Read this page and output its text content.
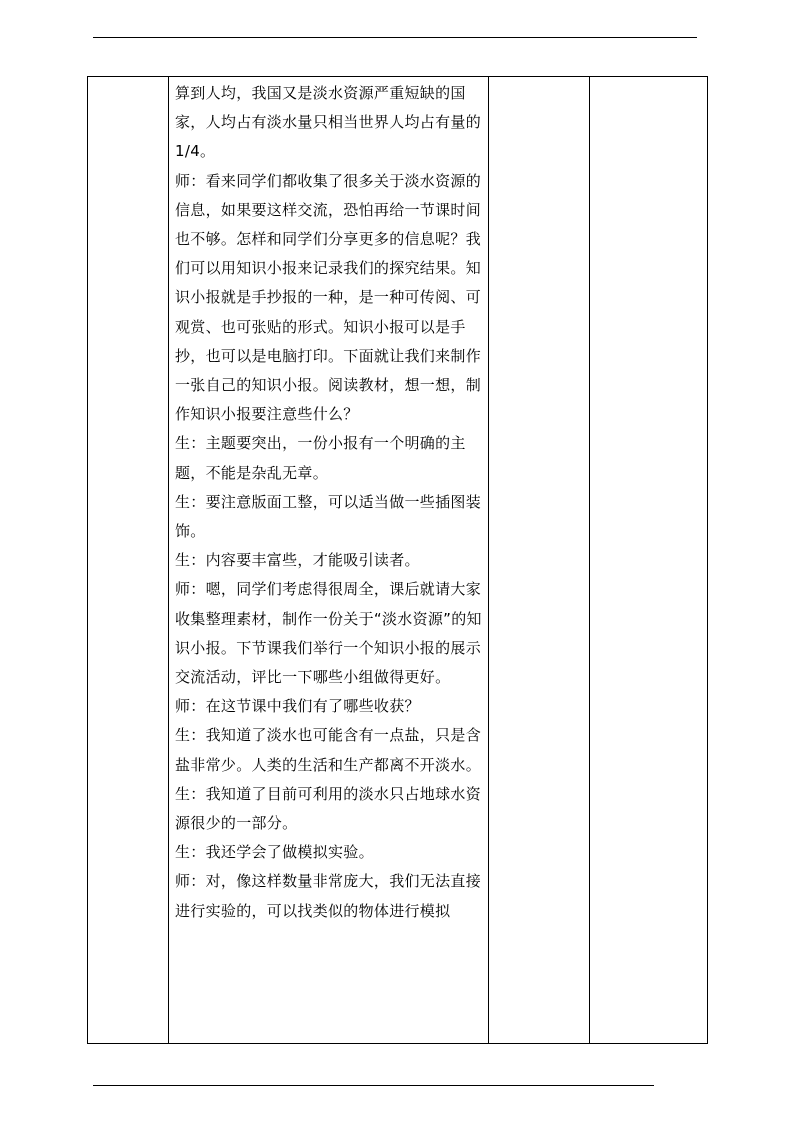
算到人均，我国又是淡水资源严重短缺的国家，人均占有淡水量只相当世界人均占有量的 1/4。

师：看来同学们都收集了很多关于淡水资源的信息，如果要这样交流，恐怕再给一节课时间也不够。怎样和同学们分享更多的信息呢？我们可以用知识小报来记录我们的探究结果。知识小报就是手抄报的一种，是一种可传阅、可观赏、也可张贴的形式。知识小报可以是手抄，也可以是电脑打印。下面就让我们来制作一张自己的知识小报。阅读教材，想一想，制作知识小报要注意些什么？

生：主题要突出，一份小报有一个明确的主题，不能是杂乱无章。

生：要注意版面工整，可以适当做一些插图装饰。

生：内容要丰富些，才能吸引读者。

师：嗯，同学们考虑得很周全，课后就请大家收集整理素材，制作一份关于“淡水资源”的知识小报。下节课我们举行一个知识小报的展示交流活动，评比一下哪些小组做得更好。

师：在这节课中我们有了哪些收获？

生：我知道了淡水也可能含有一点盐，只是含盐非常少。人类的生活和生产都离不开淡水。

生：我知道了目前可利用的淡水只占地球水资源很少的一部分。

生：我还学会了做模拟实验。

师：对，像这样数量非常庞大，我们无法直接进行实验的，可以找类似的物体进行模拟
